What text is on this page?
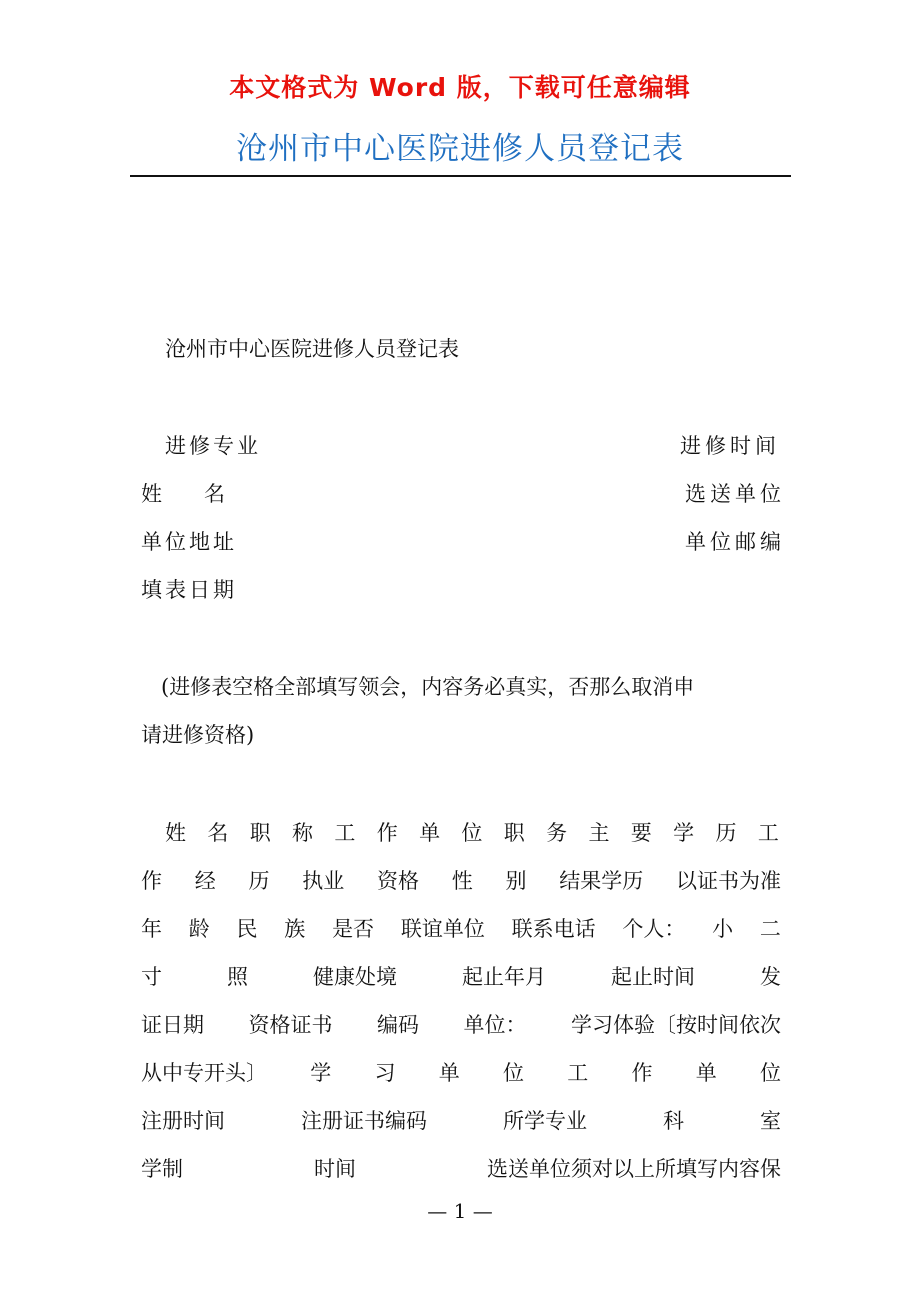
本文格式为 Word 版，下载可任意编辑
沧州市中心医院进修人员登记表
沧州市中心医院进修人员登记表
进修专业	进修时间
姓　　名	选送单位
单位地址	单位邮编
填表日期
(进修表空格全部填写领会，内容务必真实，否那么取消申
请进修资格)
姓 名 职 称 工 作 单 位 职 务 主 要 学 历 工
作 经 历 执业 资格 性 别 结果学历 以证书为准
年 龄 民 族 是否 联谊单位 联系电话 个人： 小 二
寸	照	健康处境	起止年月	起止时间	发
证日期 资格证书 编码 单位： 学习体验〔按时间依次
从中专开头〕 学 习 单 位 工 作 单 位
注册时间	注册证书编码	所学专业	科	室
学制	时间	选送单位须对以上所填写内容保
— 1 —
